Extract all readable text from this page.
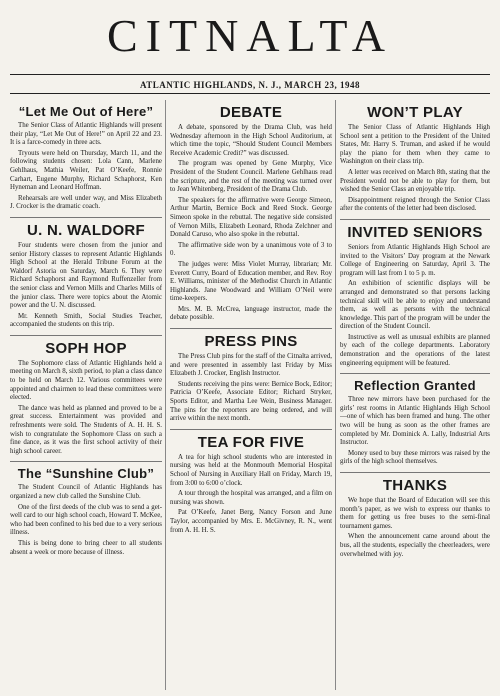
CITNALTA
ATLANTIC HIGHLANDS, N. J., MARCH 23, 1948
“Let Me Out of Here”

The Senior Class of Atlantic Highlands will present their play, “Let Me Out of Here!” on April 22 and 23. It is a farce-comedy in three acts.

Tryouts were held on Thursday, March 11, and the following students chosen: Lola Cann, Marlene Gehlhaus, Mathia Weiler, Pat O’Keefe, Ronnie Carhart, Eugene Murphy, Richard Schaphorst, Ken Hyneman and Leonard Hoffman.

Rehearsals are well under way, and Miss Elizabeth J. Crocker is the dramatic coach.

U. N. WALDORF

Four students were chosen from the junior and senior History classes to represent Atlantic Highlands High School at the Herald Tribune Forum at the Waldorf Astoria on Saturday, March 6. They were Richard Schaphorst and Raymond Ruffenzeller from the senior class and Vernon Mills and Charles Mills of the junior class. There were topics about the Atomic power and the U. N. discussed.

Mr. Kenneth Smith, Social Studies Teacher, accompanied the students on this trip.

SOPH HOP

The Sophomore class of Atlantic Highlands held a meeting on March 8, sixth period, to plan a class dance to be held on March 12. Various committees were appointed and chairmen to lead these committees were elected.

The dance was held as planned and proved to be a great success. Entertainment was provided and refreshments were sold. The Students of A. H. H. S. wish to congratulate the Sophomore Class on such a fine dance, as it was the first school activity of their high school career.

The “Sunshine Club”

The Student Council of Atlantic Highlands has organized a new club called the Sunshine Club.

One of the first deeds of the club was to send a get-well card to our high school coach, Howard T. McKee, who had been confined to his bed due to a very serious illness.

This is being done to bring cheer to all students absent a week or more because of illness.

DEBATE

A debate, sponsored by the Drama Club, was held Wednesday afternoon in the High School Auditorium, at which time the topic, “Should Student Council Members Receive Academic Credit?” was discussed.

The program was opened by Gene Murphy, Vice President of the Student Council. Marlene Gehlhaus read the scripture, and the rest of the meeting was turned over to Jean Whitenberg, President of the Drama Club.

The speakers for the affirmative were George Simeon, Arthur Martin, Bernice Bock and Reed Stock. George Simeon spoke in the rebuttal. The negative side consisted of Vernon Mills, Elizabeth Leonard, Rhoda Zelchner and Donald Caruso, who also spoke in the rebuttal.

The affirmative side won by a unanimous vote of 3 to 0.

The judges were: Miss Violet Murray, librarian; Mr. Everett Curry, Board of Education member, and Rev. Roy E. Williams, minister of the Methodist Church in Atlantic Highlands. Jane Woodward and William O’Neil were time-keepers.

Mrs. M. B. McCrea, language instructor, made the debate possible.

PRESS PINS

The Press Club pins for the staff of the Citnalta arrived, and were presented in assembly last Friday by Miss Elizabeth J. Crocker, English Instructor.

Students receiving the pins were: Bernice Bock, Editor; Patricia O’Keefe, Associate Editor; Richard Stryker, Sports Editor, and Martha Lee Wein, Business Manager. The pins for the reporters are being ordered, and will arrive within the next month.

TEA FOR FIVE

A tea for high school students who are interested in nursing was held at the Monmouth Memorial Hospital School of Nursing in Auxiliary Hall on Friday, March 19, from 3:00 to 6:00 o’clock.

A tour through the hospital was arranged, and a film on nursing was shown.

Pat O’Keefe, Janet Berg, Nancy Forson and June Taylor, accompanied by Mrs. E. McGivney, R. N., went from A. H. H. S.

WON’T PLAY

The Senior Class of Atlantic Highlands High School sent a petition to the President of the United States, Mr. Harry S. Truman, and asked if he would play the piano for them when they came to Washington on their class trip.

A letter was received on March 8th, stating that the President would not be able to play for them, but wished the Senior Class an enjoyable trip.

Disappointment reigned through the Senior Class after the contents of the letter had been disclosed.

INVITED SENIORS

Seniors from Atlantic Highlands High School are invited to the Visitors’ Day program at the Newark College of Engineering on Saturday, April 3. The program will last from 1 to 5 p. m.

An exhibition of scientific displays will be arranged and demonstrated so that persons lacking technical skill will be able to enjoy and understand them, as well as persons with the technical knowledge. This part of the program will be under the direction of the Student Council.

Instructive as well as unusual exhibits are planned by each of the college departments. Laboratory demonstration and the operations of the latest engineering equipment will be featured.

Reflection Granted

Three new mirrors have been purchased for the girls’ rest rooms in Atlantic Highlands High School —one of which has been framed and hung. The other two will be hung as soon as the other frames are completed by Mr. Dominick A. Lally, Industrial Arts Instructor.

Money used to buy these mirrors was raised by the girls of the high school themselves.

THANKS

We hope that the Board of Education will see this month’s paper, as we wish to express our thanks to them for getting us free buses to the semi-final tournament games.

When the announcement came around about the bus, all the students, especially the cheerleaders, were overwhelmed with joy.
